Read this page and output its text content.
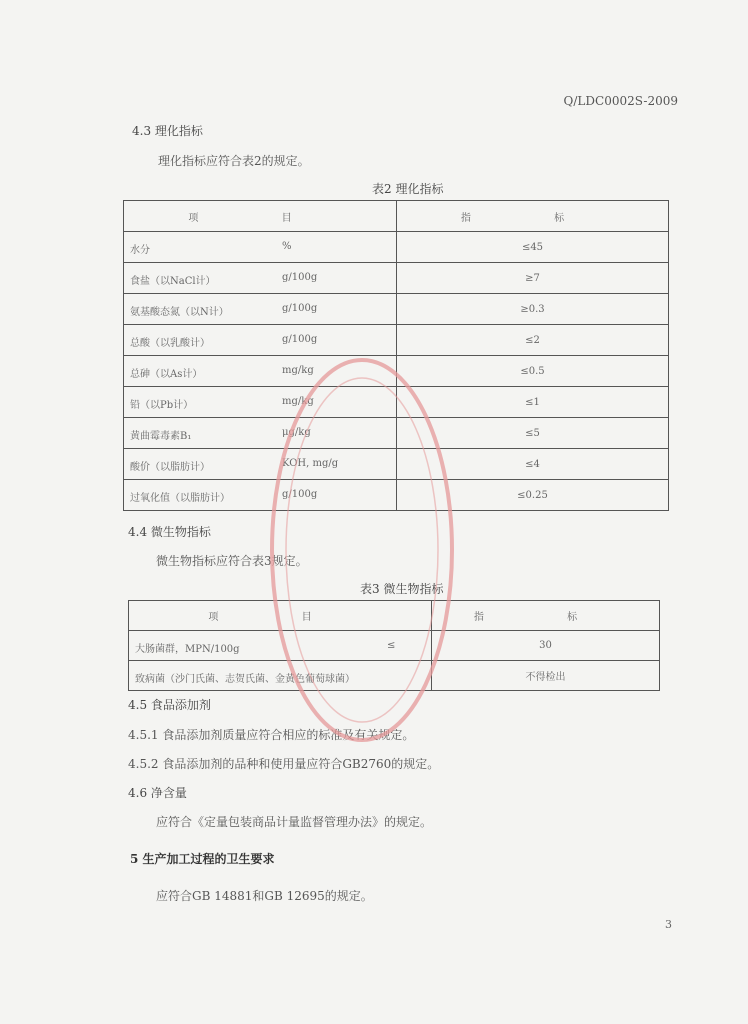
Q/LDC0002S-2009
4.3 理化指标
理化指标应符合表2的规定。
表2 理化指标
项 目	指 标

水分 %	≤45

食盐（以NaCl计） g/100g	≥7

氨基酸态氮（以N计） g/100g	≥0.3

总酸（以乳酸计） g/100g	≤2

总砷（以As计） mg/kg	≤0.5

铅（以Pb计） mg/kg	≤1

黄曲霉毒素B₁ μg/kg	≤5

酸价（以脂肪计） KOH, mg/g	≤4

过氧化值（以脂肪计） g/100g	≤0.25
4.4 微生物指标
微生物指标应符合表3规定。
表3 微生物指标
项 目	指 标

大肠菌群，MPN/100g ≤	30

致病菌（沙门氏菌、志贺氏菌、金黄色葡萄球菌）	不得检出
4.5 食品添加剂
4.5.1 食品添加剂质量应符合相应的标准及有关规定。
4.5.2 食品添加剂的品种和使用量应符合GB2760的规定。
4.6 净含量
应符合《定量包装商品计量监督管理办法》的规定。
5 生产加工过程的卫生要求
应符合GB 14881和GB 12695的规定。
3
